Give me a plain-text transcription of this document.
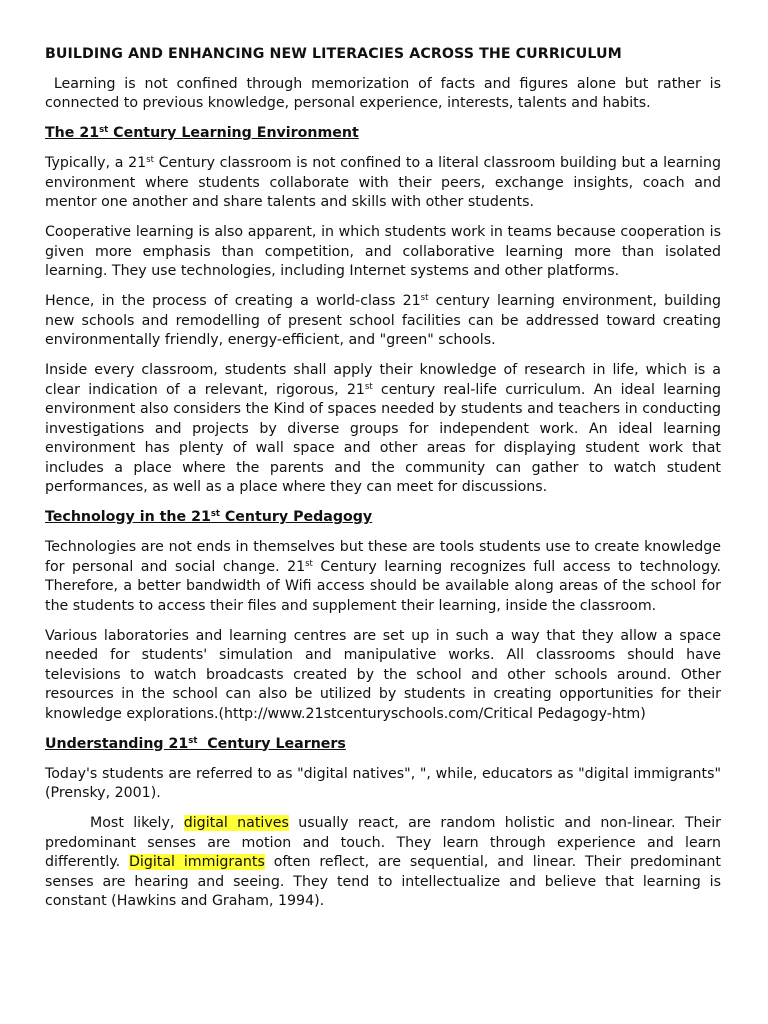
BUILDING AND ENHANCING NEW LITERACIES ACROSS THE CURRICULUM

Learning is not confined through memorization of facts and figures alone but rather is connected to previous knowledge, personal experience, interests, talents and habits.

The 21st Century Learning Environment

Typically, a 21st Century classroom is not confined to a literal classroom building but a learning environment where students collaborate with their peers, exchange insights, coach and mentor one another and share talents and skills with other students.

Cooperative learning is also apparent, in which students work in teams because cooperation is given more emphasis than competition, and collaborative learning more than isolated learning. They use technologies, including Internet systems and other platforms.

Hence, in the process of creating a world-class 21st century learning environment, building new schools and remodelling of present school facilities can be addressed toward creating environmentally friendly, energy-efficient, and "green" schools.

Inside every classroom, students shall apply their knowledge of research in life, which is a clear indication of a relevant, rigorous, 21st century real-life curriculum. An ideal learning environment also considers the Kind of spaces needed by students and teachers in conducting investigations and projects by diverse groups for independent work. An ideal learning environment has plenty of wall space and other areas for displaying student work that includes a place where the parents and the community can gather to watch student performances, as well as a place where they can meet for discussions.

Technology in the 21st Century Pedagogy

Technologies are not ends in themselves but these are tools students use to create knowledge for personal and social change. 21st Century learning recognizes full access to technology. Therefore, a better bandwidth of Wifi access should be available along areas of the school for the students to access their files and supplement their learning, inside the classroom.

Various laboratories and learning centres are set up in such a way that they allow a space needed for students' simulation and manipulative works. All classrooms should have televisions to watch broadcasts created by the school and other schools around. Other resources in the school can also be utilized by students in creating opportunities for their knowledge explorations.(http://www.21stcenturyschools.com/Critical Pedagogy-htm)

Understanding 21st  Century Learners

Today's students are referred to as "digital natives", ", while, educators as "digital immigrants" (Prensky, 2001).

Most likely, digital natives usually react, are random holistic and non-linear. Their predominant senses are motion and touch. They learn through experience and learn differently. Digital immigrants often reflect, are sequential, and linear. Their predominant senses are hearing and seeing. They tend to intellectualize and believe that learning is constant (Hawkins and Graham, 1994).
